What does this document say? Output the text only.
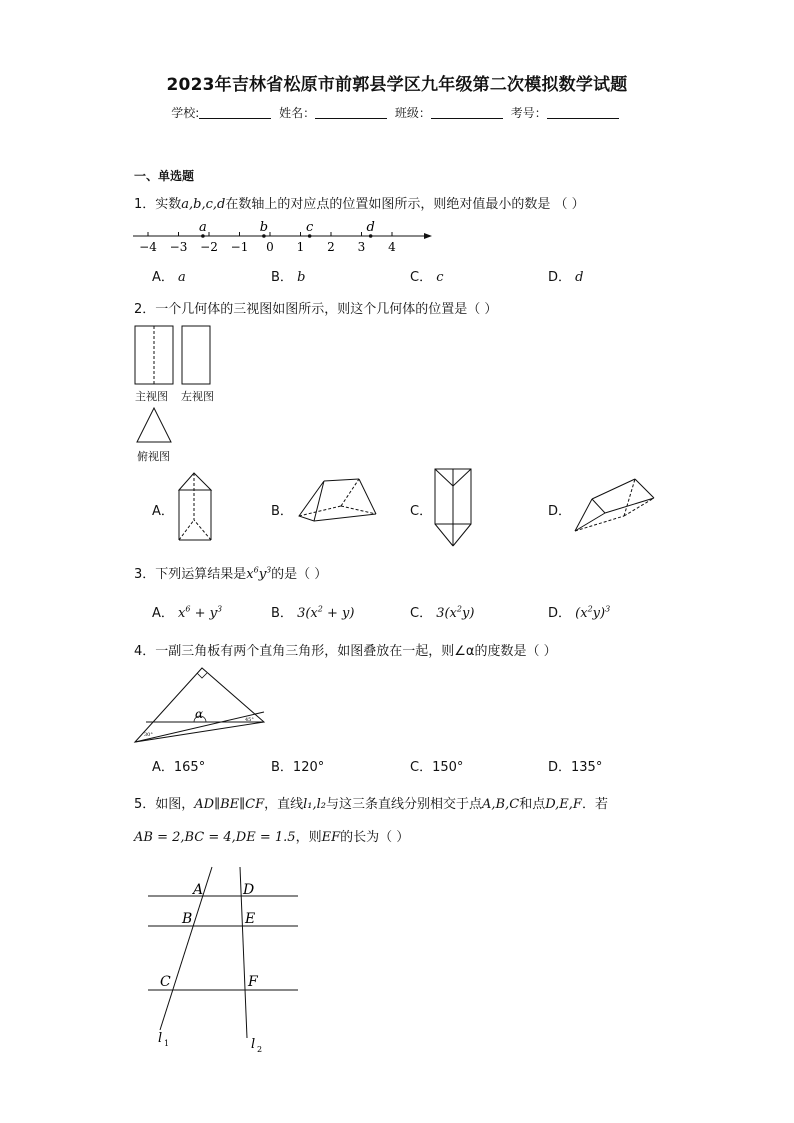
2023年吉林省松原市前郭县学区九年级第二次模拟数学试题
学校:	姓名：	班级：	考号：
一、单选题
1．实数a,b,c,d在数轴上的对应点的位置如图所示，则绝对值最小的数是 （ ）
−4 −3 −2 −1 0 1 2 3 4
a	b	c	d
A． a	B． b	C． c	D． d
2．一个几何体的三视图如图所示，则这个几何体的位置是（ ）
主视图 左视图
俯视图
A．	B．	C．	D．
3．下列运算结果是$x^6y^3$的是（ ）
A． $x^6 + y^3$	B． $3(x^2 + y)$	C． $3(x^2y)$	D． $(x^2y)^3$
4．一副三角板有两个直角三角形，如图叠放在一起，则∠α的度数是（ ）
α
30°
45°
A．165°	B．120°	C．150°	D．135°
5．如图，AD∥BE∥CF，直线l₁,l₂与这三条直线分别相交于点A,B,C和点D,E,F．若
AB = 2,BC = 4,DE = 1.5，则EF的长为（ ）
A	D
B	E
C	F
l 1	l 2
